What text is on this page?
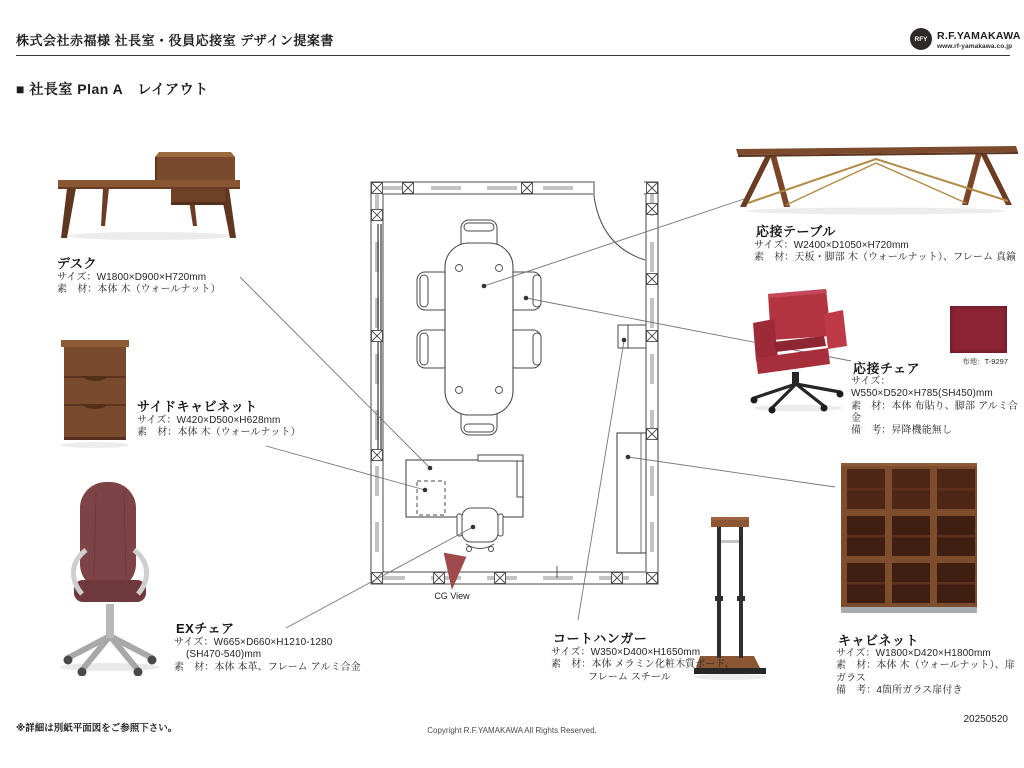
株式会社赤福様 社長室・役員応接室 デザイン提案書	RFY R.F.YAMAKAWA
www.rf-yamakawa.co.jp
■ 社長室 Plan A　レイアウト
布地：T-9297
デスク
サイズ：W1800×D900×H720mm
素　材：本体 木（ウォールナット）
サイドキャビネット
サイズ：W420×D500×H628mm
素　材：本体 木（ウォールナット）
EXチェア
サイズ：W665×D660×H1210-1280
(SH470-540)mm
素　材：本体 本革、フレーム アルミ合金
応接テーブル
サイズ：W2400×D1050×H720mm
素　材：天板・脚部 木（ウォールナット）、フレーム 真鍮
応接チェア
サイズ：W550×D520×H785(SH450)mm
素　材：本体 布貼り、脚部 アルミ合金
備　考：昇降機能無し
キャビネット
サイズ：W1800×D420×H1800mm
素　材：本体 木（ウォールナット）、扉 ガラス
備　考：4箇所ガラス扉付き
コートハンガー
サイズ：W350×D400×H1650mm
素　材：本体 メラミン化粧木質ボード、
フレーム スチール
CG View
※詳細は別紙平面図をご参照下さい。	Copyright R.F.YAMAKAWA All Rights Reserved.
20250520
